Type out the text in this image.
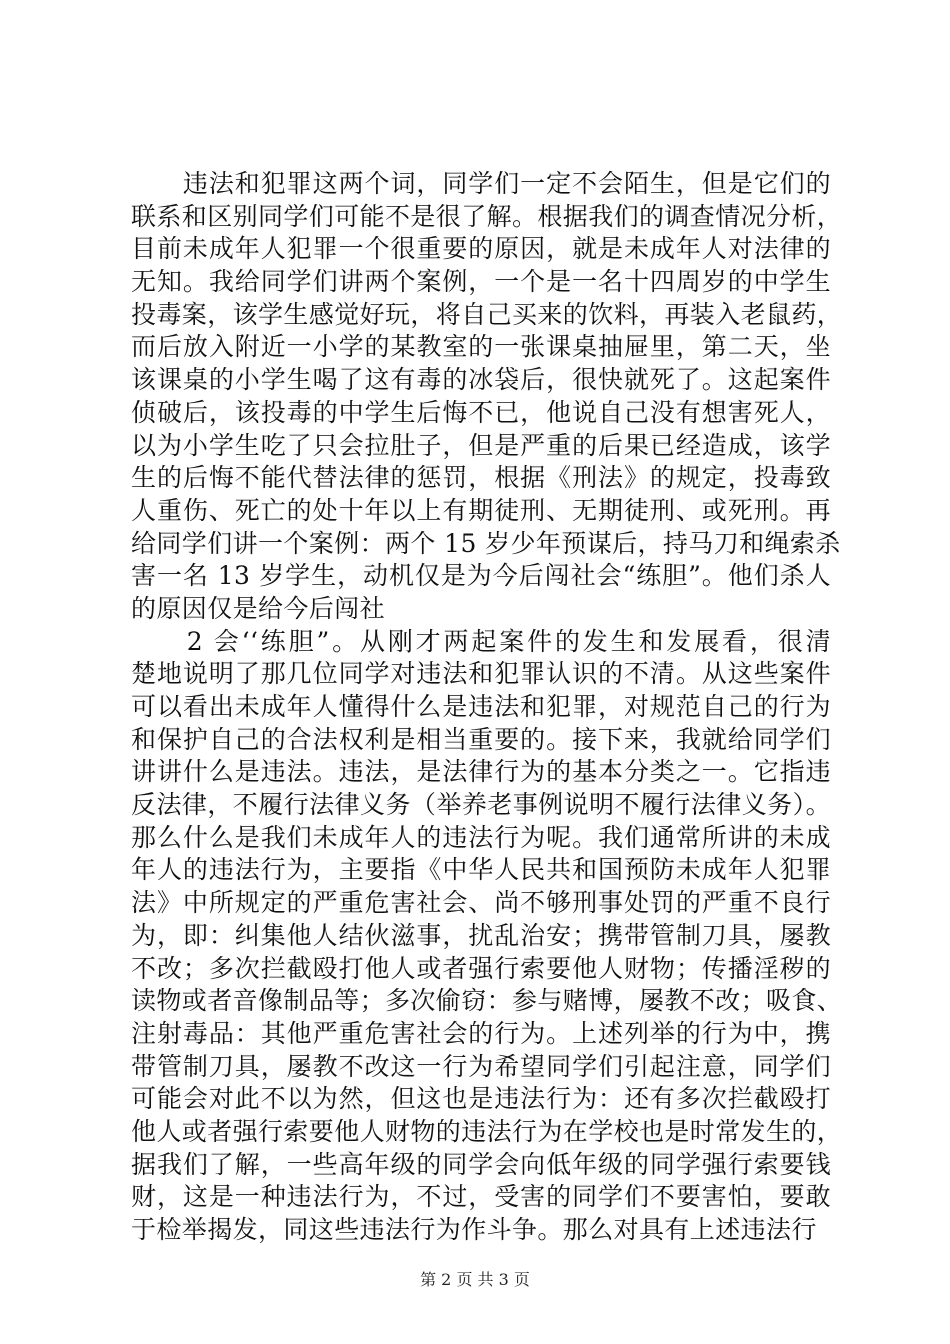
　　违法和犯罪这两个词，同学们一定不会陌生，但是它们的
联系和区别同学们可能不是很了解。根据我们的调查情况分析，
目前未成年人犯罪一个很重要的原因，就是未成年人对法律的
无知。我给同学们讲两个案例，一个是一名十四周岁的中学生
投毒案，该学生感觉好玩，将自己买来的饮料，再装入老鼠药，
而后放入附近一小学的某教室的一张课桌抽屉里，第二天，坐
该课桌的小学生喝了这有毒的冰袋后，很快就死了。这起案件
侦破后，该投毒的中学生后悔不已，他说自己没有想害死人，
以为小学生吃了只会拉肚子，但是严重的后果已经造成，该学
生的后悔不能代替法律的惩罚，根据《刑法》的规定，投毒致
人重伤、死亡的处十年以上有期徒刑、无期徒刑、或死刑。再
给同学们讲一个案例：两个 15 岁少年预谋后，持马刀和绳索杀
害一名 13 岁学生，动机仅是为今后闯社会“练胆”。他们杀人
的原因仅是给今后闯社
　　2 会‘‘练胆”。从刚才两起案件的发生和发展看，很清
楚地说明了那几位同学对违法和犯罪认识的不清。从这些案件
可以看出未成年人懂得什么是违法和犯罪，对规范自己的行为
和保护自己的合法权利是相当重要的。接下来，我就给同学们
讲讲什么是违法。违法，是法律行为的基本分类之一。它指违
反法律，不履行法律义务（举养老事例说明不履行法律义务）。
那么什么是我们未成年人的违法行为呢。我们通常所讲的未成
年人的违法行为，主要指《中华人民共和国预防未成年人犯罪
法》中所规定的严重危害社会、尚不够刑事处罚的严重不良行
为，即：纠集他人结伙滋事，扰乱治安；携带管制刀具，屡教
不改；多次拦截殴打他人或者强行索要他人财物；传播淫秽的
读物或者音像制品等；多次偷窃：参与赌博，屡教不改；吸食、
注射毒品：其他严重危害社会的行为。上述列举的行为中，携
带管制刀具，屡教不改这一行为希望同学们引起注意，同学们
可能会对此不以为然，但这也是违法行为：还有多次拦截殴打
他人或者强行索要他人财物的违法行为在学校也是时常发生的，
据我们了解，一些高年级的同学会向低年级的同学强行索要钱
财，这是一种违法行为，不过，受害的同学们不要害怕，要敢
于检举揭发，同这些违法行为作斗争。那么对具有上述违法行
第 2 页 共 3 页
